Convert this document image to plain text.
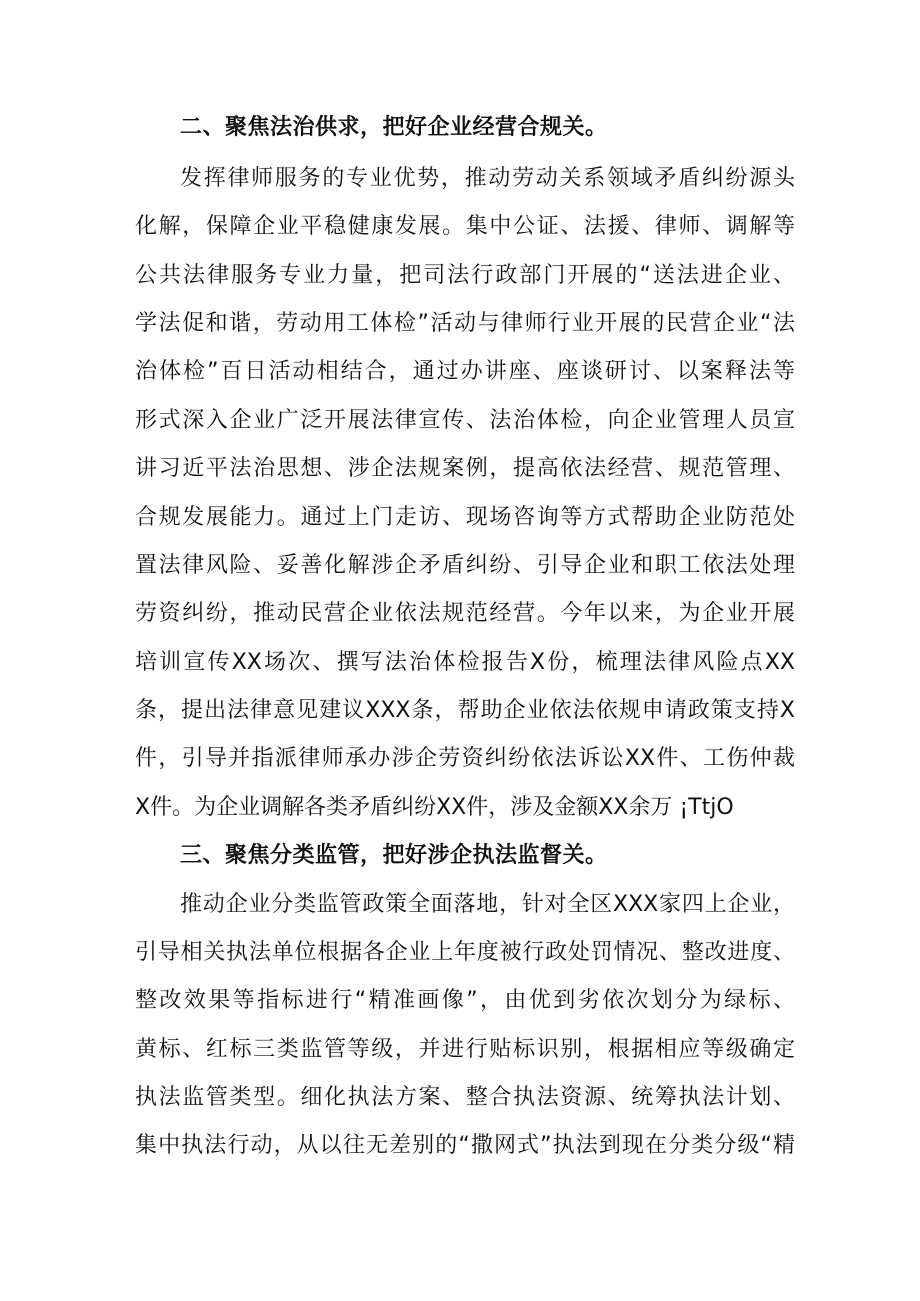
二、聚焦法治供求，把好企业经营合规关。
发挥律师服务的专业优势，推动劳动关系领域矛盾纠纷源头
化解，保障企业平稳健康发展。集中公证、法援、律师、调解等
公共法律服务专业力量，把司法行政部门开展的“送法进企业、
学法促和谐，劳动用工体检”活动与律师行业开展的民营企业“法
治体检”百日活动相结合，通过办讲座、座谈研讨、以案释法等
形式深入企业广泛开展法律宣传、法治体检，向企业管理人员宣
讲习近平法治思想、涉企法规案例，提高依法经营、规范管理、
合规发展能力。通过上门走访、现场咨询等方式帮助企业防范处
置法律风险、妥善化解涉企矛盾纠纷、引导企业和职工依法处理
劳资纠纷，推动民营企业依法规范经营。今年以来，为企业开展
培训宣传XX场次、撰写法治体检报告X份，梳理法律风险点XX
条，提出法律意见建议XXX条，帮助企业依法依规申请政策支持X
件，引导并指派律师承办涉企劳资纠纷依法诉讼XX件、工伤仲裁
X件。为企业调解各类矛盾纠纷XX件，涉及金额XX余万 ¡TtjO
三、聚焦分类监管，把好涉企执法监督关。
推动企业分类监管政策全面落地，针对全区XXX家四上企业，
引导相关执法单位根据各企业上年度被行政处罚情况、整改进度、
整改效果等指标进行“精准画像”，由优到劣依次划分为绿标、
黄标、红标三类监管等级，并进行贴标识别，根据相应等级确定
执法监管类型。细化执法方案、整合执法资源、统筹执法计划、
集中执法行动，从以往无差别的“撒网式”执法到现在分类分级“精
